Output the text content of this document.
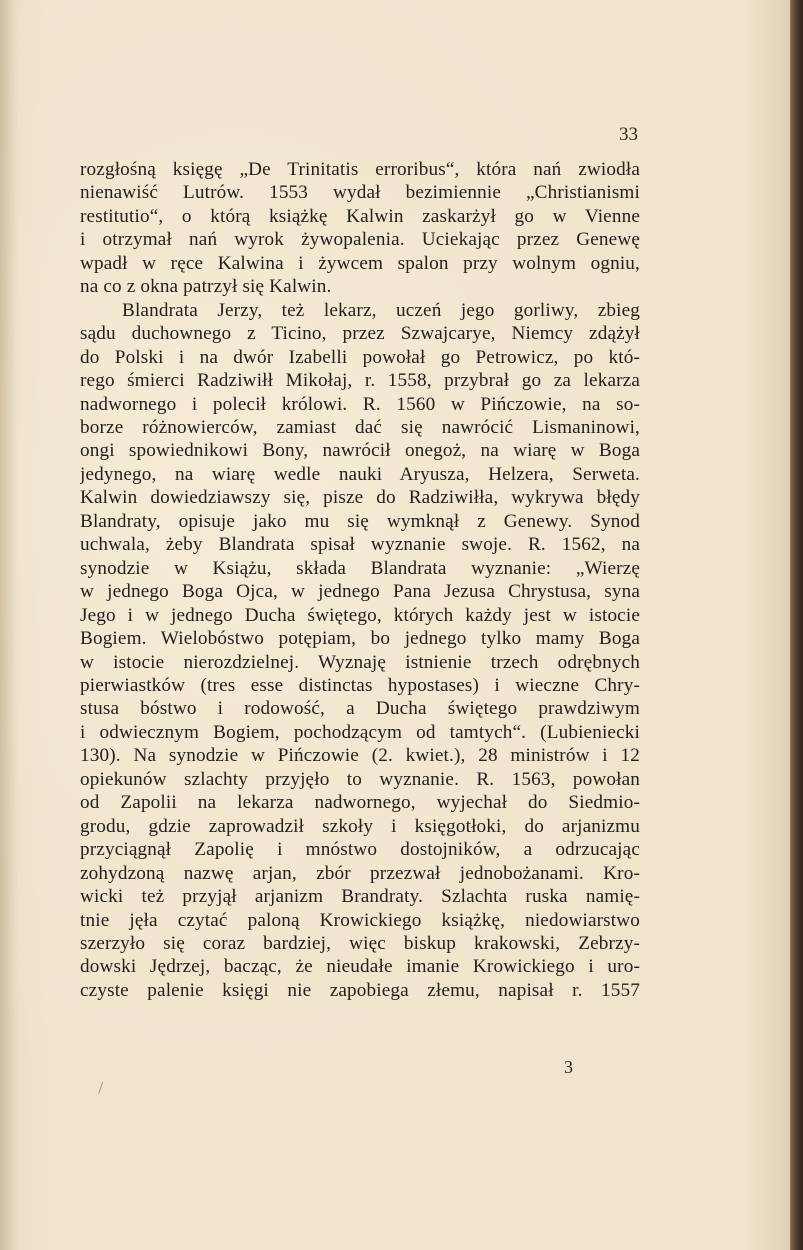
33
rozgłośną księgę „De Trinitatis erroribus“, która nań zwiodła
nienawiść Lutrów. 1553 wydał bezimiennie „Christianismi
restitutio“, o którą książkę Kalwin zaskarżył go w Vienne
i otrzymał nań wyrok żywopalenia. Uciekając przez Genewę
wpadł w ręce Kalwina i żywcem spalon przy wolnym ogniu,
na co z okna patrzył się Kalwin.
Blandrata Jerzy, też lekarz, uczeń jego gorliwy, zbieg
sądu duchownego z Ticino, przez Szwajcarye, Niemcy zdążył
do Polski i na dwór Izabelli powołał go Petrowicz, po któ-
rego śmierci Radziwiłł Mikołaj, r. 1558, przybrał go za lekarza
nadwornego i polecił królowi. R. 1560 w Pińczowie, na so-
borze różnowierców, zamiast dać się nawrócić Lismaninowi,
ongi spowiednikowi Bony, nawrócił onegoż, na wiarę w Boga
jedynego, na wiarę wedle nauki Aryusza, Helzera, Serweta.
Kalwin dowiedziawszy się, pisze do Radziwiłła, wykrywa błędy
Blandraty, opisuje jako mu się wymknął z Genewy. Synod
uchwala, żeby Blandrata spisał wyznanie swoje. R. 1562, na
synodzie w Książu, składa Blandrata wyznanie: „Wierzę
w jednego Boga Ojca, w jednego Pana Jezusa Chrystusa, syna
Jego i w jednego Ducha świętego, których każdy jest w istocie
Bogiem. Wielobóstwo potępiam, bo jednego tylko mamy Boga
w istocie nierozdzielnej. Wyznaję istnienie trzech odrębnych
pierwiastków (tres esse distinctas hypostases) i wieczne Chry-
stusa bóstwo i rodowość, a Ducha świętego prawdziwym
i odwiecznym Bogiem, pochodzącym od tamtych“. (Lubieniecki
130). Na synodzie w Pińczowie (2. kwiet.), 28 ministrów i 12
opiekunów szlachty przyjęło to wyznanie. R. 1563, powołan
od Zapolii na lekarza nadwornego, wyjechał do Siedmio-
grodu, gdzie zaprowadził szkoły i księgotłoki, do arjanizmu
przyciągnął Zapolię i mnóstwo dostojników, a odrzucając
zohydzoną nazwę arjan, zbór przezwał jednobożanami. Kro-
wicki też przyjął arjanizm Brandraty. Szlachta ruska namię-
tnie jęła czytać paloną Krowickiego książkę, niedowiarstwo
szerzyło się coraz bardziej, więc biskup krakowski, Zebrzy-
dowski Jędrzej, bacząc, że nieudałe imanie Krowickiego i uro-
czyste palenie księgi nie zapobiega złemu, napisał r. 1557
3
